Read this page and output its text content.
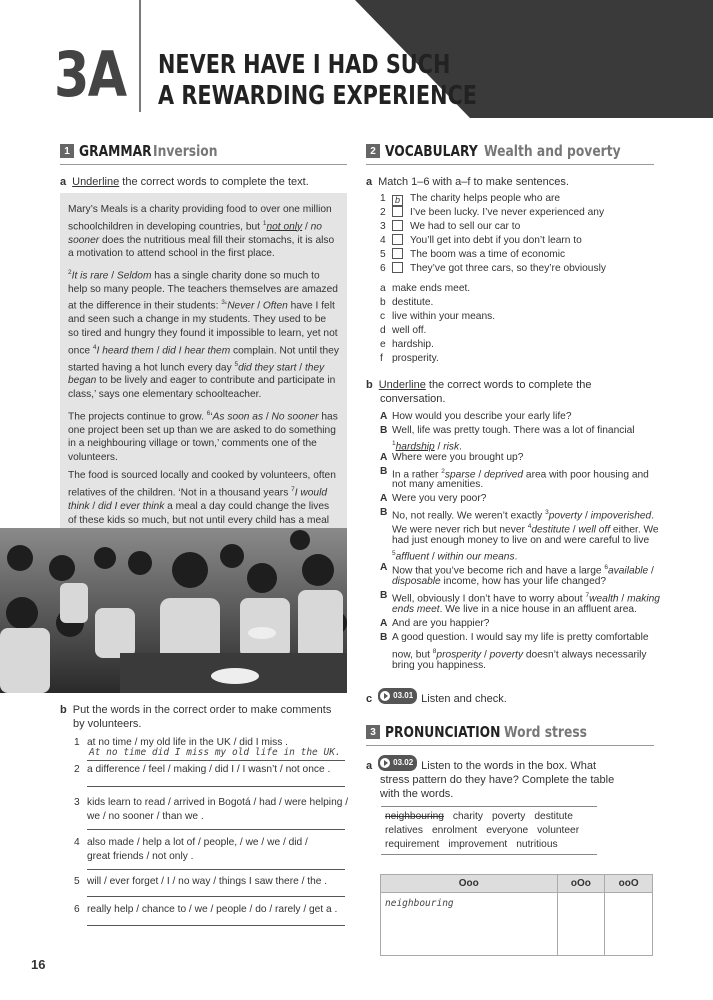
3A NEVER HAVE I HAD SUCH
A REWARDING EXPERIENCE
1 GRAMMAR Inversion
a Underline the correct words to complete the text.

Mary’s Meals is a charity providing food to over one million schoolchildren in developing countries, but $^1$not only / no sooner does the nutritious meal fill their stomachs, it is also a motivation to attend school in the first place.

$^2$It is rare / Seldom has a single charity done so much to help so many people. The teachers themselves are amazed at the difference in their students: $^3$‘Never / Often have I felt and seen such a change in my students. They used to be so tired and hungry they found it impossible to learn, yet not once $^4$I heard them / did I hear them complain. Not until they started having a hot lunch every day $^5$did they start / they began to be lively and eager to contribute and participate in class,’ says one elementary schoolteacher.

The projects continue to grow. $^6$‘As soon as / No sooner has one project been set up than we are asked to do something in a neighbouring village or town,’ comments one of the volunteers.

The food is sourced locally and cooked by volunteers, often relatives of the children. ‘Not in a thousand years $^7$I would think / did I ever think a meal a day could change the lives of these kids so much, but not until every child has a meal

b Put the words in the correct order to make comments
by volunteers.
1 at no time / my old life in the UK / did I miss .
At no time did I miss my old life in the UK.
2 a difference / feel / making / did I / I wasn’t / not once .
3 kids learn to read / arrived in Bogotá / had / were helping /
we / no sooner / than we .
4 also made / help a lot of / people, / we / we / did /
great friends / not only .
5 will / ever forget / I / no way / things I saw there / the .
6 really help / chance to / we / people / do / rarely / get a .
2 VOCABULARY Wealth and poverty
a Match 1–6 with a–f to make sentences.
1 b The charity helps people who are
2 I’ve been lucky. I’ve never experienced any
3 We had to sell our car to
4 You’ll get into debt if you don’t learn to
5 The boom was a time of economic
6 They’ve got three cars, so they’re obviously
a make ends meet.
b destitute.
c live within your means.
d well off.
e hardship.
f prosperity.
b Underline the correct words to complete the
conversation.
A How would you describe your early life?
B Well, life was pretty tough. There was a lot of financial
$^1$hardship / risk.
A Where were you brought up?
B In a rather $^2$sparse / deprived area with poor housing and
not many amenities.
A Were you very poor?
B No, not really. We weren’t exactly $^3$poverty / impoverished.
We were never rich but never $^4$destitute / well off either. We
had just enough money to live on and were careful to live
$^5$affluent / within our means.
A Now that you’ve become rich and have a large $^6$available /
disposable income, how has your life changed?
B Well, obviously I don’t have to worry about $^7$wealth / making
ends meet. We live in a nice house in an affluent area.
A And are you happier?
B A good question. I would say my life is pretty comfortable
now, but $^8$prosperity / poverty doesn’t always necessarily
bring you happiness.
c	03.01 Listen and check.
3 PRONUNCIATION Word stress
a	03.02 Listen to the words in the box. What
stress pattern do they have? Complete the table
with the words.
neighbouring charity poverty destitute
relatives enrolment everyone volunteer
requirement improvement nutritious
Ooo	oOo	ooO
neighbouring		
16
